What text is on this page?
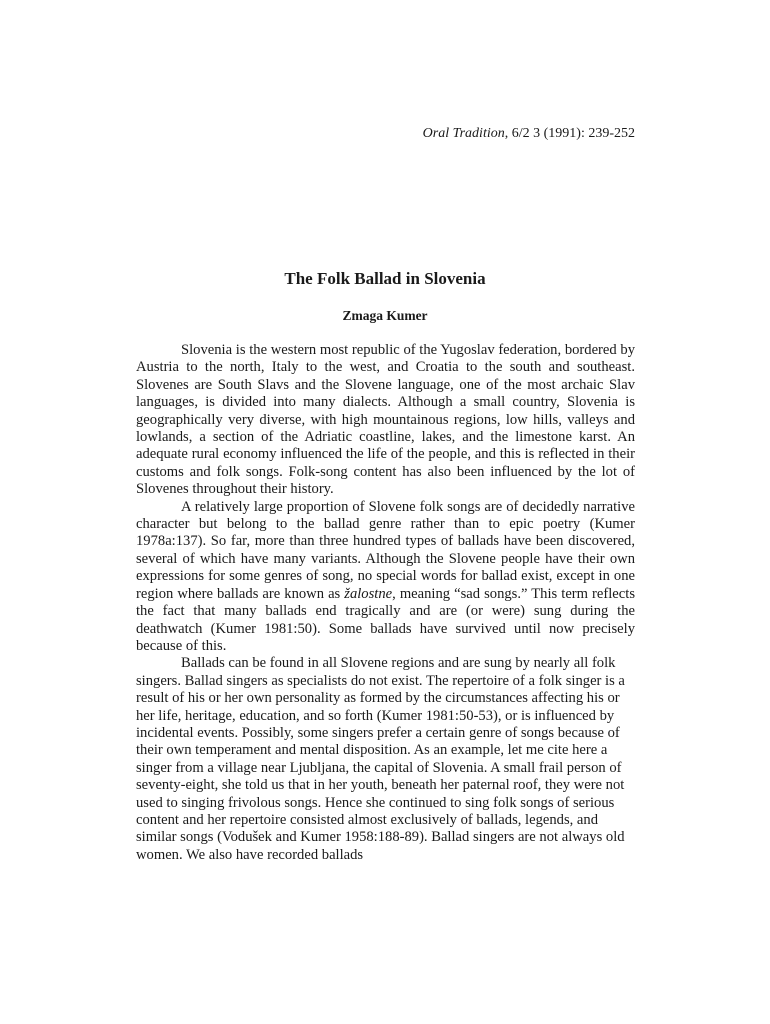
Oral Tradition, 6/2 3 (1991): 239-252
The Folk Ballad in Slovenia
Zmaga Kumer

Slovenia is the western most republic of the Yugoslav federation, bordered by Austria to the north, Italy to the west, and Croatia to the south and southeast. Slovenes are South Slavs and the Slovene language, one of the most archaic Slav languages, is divided into many dialects. Although a small country, Slovenia is geographically very diverse, with high mountainous regions, low hills, valleys and lowlands, a section of the Adriatic coastline, lakes, and the limestone karst. An adequate rural economy influenced the life of the people, and this is reflected in their customs and folk songs. Folk-song content has also been influenced by the lot of Slovenes throughout their history.

A relatively large proportion of Slovene folk songs are of decidedly narrative character but belong to the ballad genre rather than to epic poetry (Kumer 1978a:137). So far, more than three hundred types of ballads have been discovered, several of which have many variants. Although the Slovene people have their own expressions for some genres of song, no special words for ballad exist, except in one region where ballads are known as žalostne, meaning “sad songs.” This term reflects the fact that many ballads end tragically and are (or were) sung during the deathwatch (Kumer 1981:50). Some ballads have survived until now precisely because of this.

Ballads can be found in all Slovene regions and are sung by nearly all folk singers. Ballad singers as specialists do not exist. The repertoire of a folk singer is a result of his or her own personality as formed by the circumstances affecting his or her life, heritage, education, and so forth (Kumer 1981:50-53), or is influenced by incidental events. Possibly, some singers prefer a certain genre of songs because of their own temperament and mental disposition. As an example, let me cite here a singer from a village near Ljubljana, the capital of Slovenia. A small frail person of seventy-eight, she told us that in her youth, beneath her paternal roof, they were not used to singing frivolous songs. Hence she continued to sing folk songs of serious content and her repertoire consisted almost exclusively of ballads, legends, and similar songs (Vodušek and Kumer 1958:188-89). Ballad singers are not always old women. We also have recorded ballads
